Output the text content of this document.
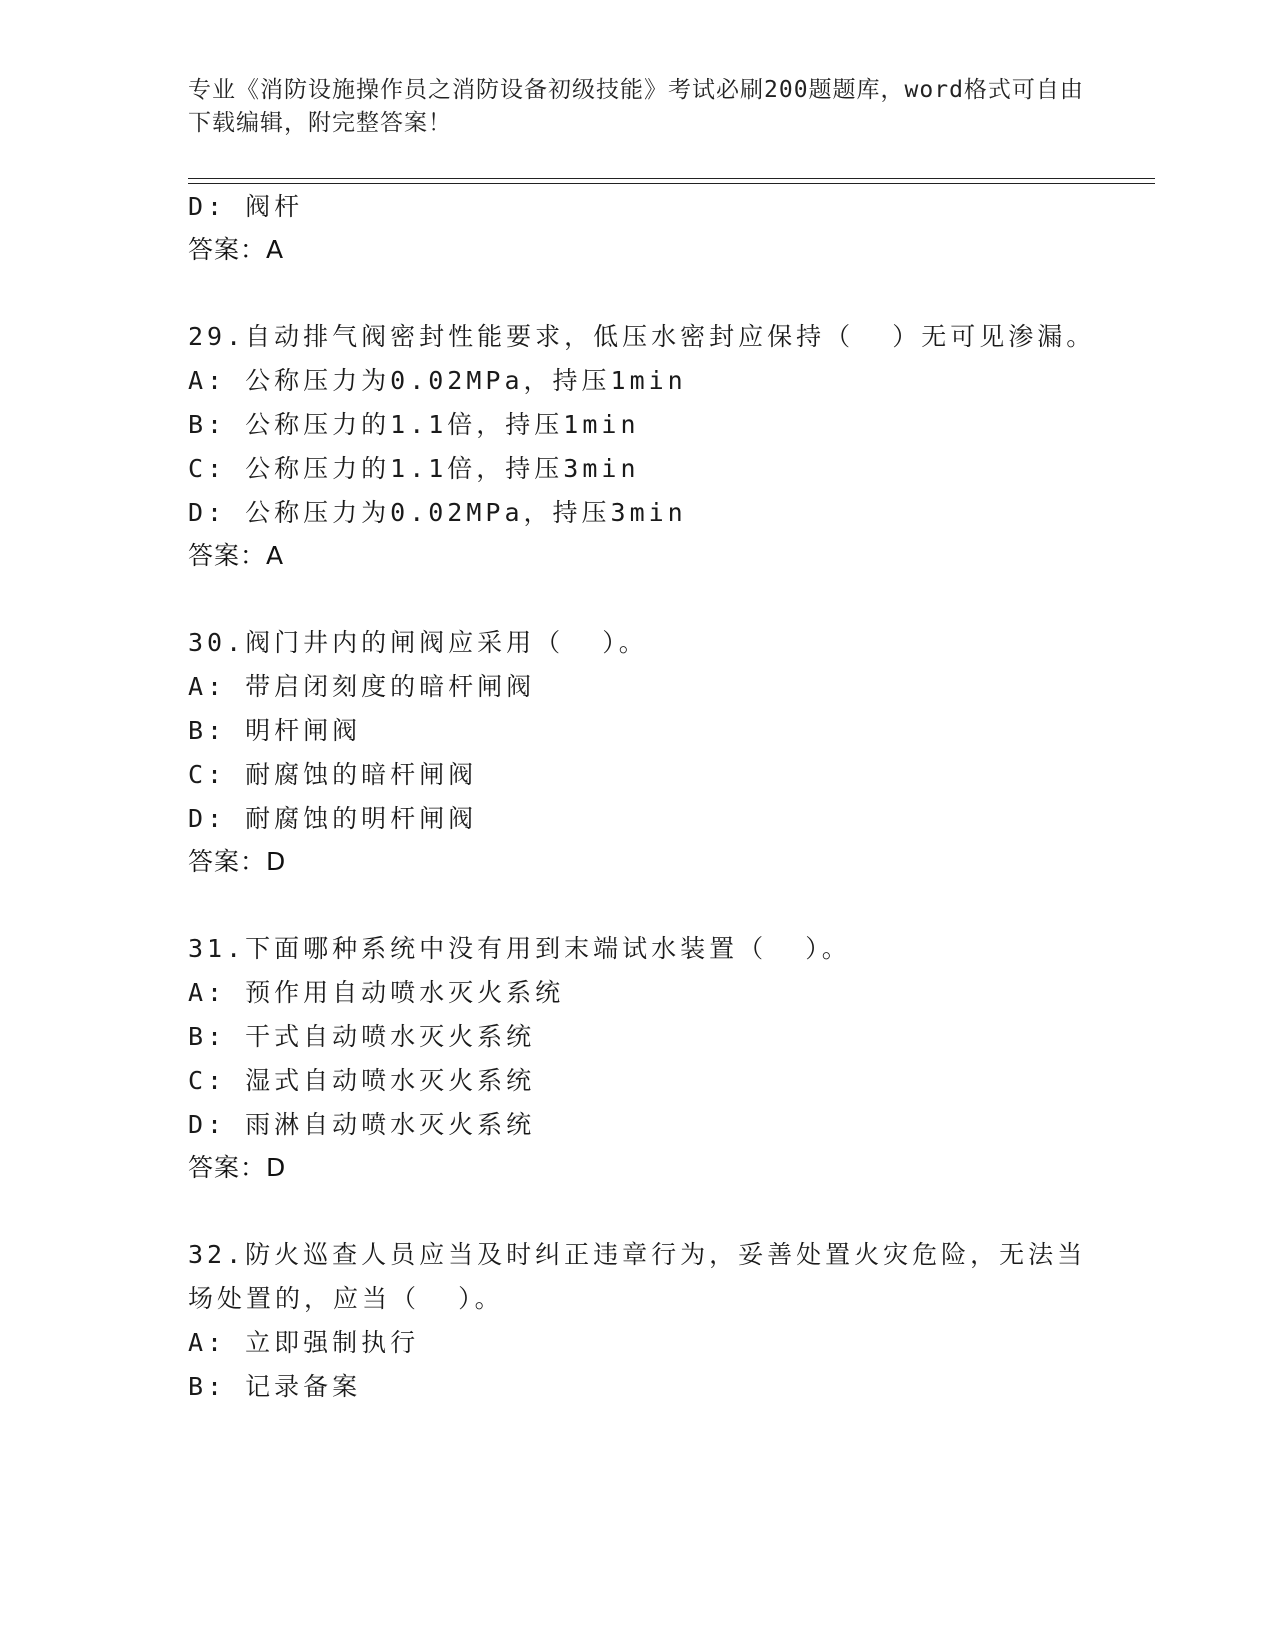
专业《消防设施操作员之消防设备初级技能》考试必刷200题题库，word格式可自由下载编辑，附完整答案！
D: 阀杆
答案：A
29.自动排气阀密封性能要求，低压水密封应保持（  ）无可见渗漏。
A: 公称压力为0.02MPa，持压1min
B: 公称压力的1.1倍，持压1min
C: 公称压力的1.1倍，持压3min
D: 公称压力为0.02MPa，持压3min
答案：A
30.阀门井内的闸阀应采用（  ）。
A: 带启闭刻度的暗杆闸阀
B: 明杆闸阀
C: 耐腐蚀的暗杆闸阀
D: 耐腐蚀的明杆闸阀
答案：D
31.下面哪种系统中没有用到末端试水装置（  ）。
A: 预作用自动喷水灭火系统
B: 干式自动喷水灭火系统
C: 湿式自动喷水灭火系统
D: 雨淋自动喷水灭火系统
答案：D
32.防火巡查人员应当及时纠正违章行为，妥善处置火灾危险，无法当
场处置的，应当（  ）。
A: 立即强制执行
B: 记录备案
